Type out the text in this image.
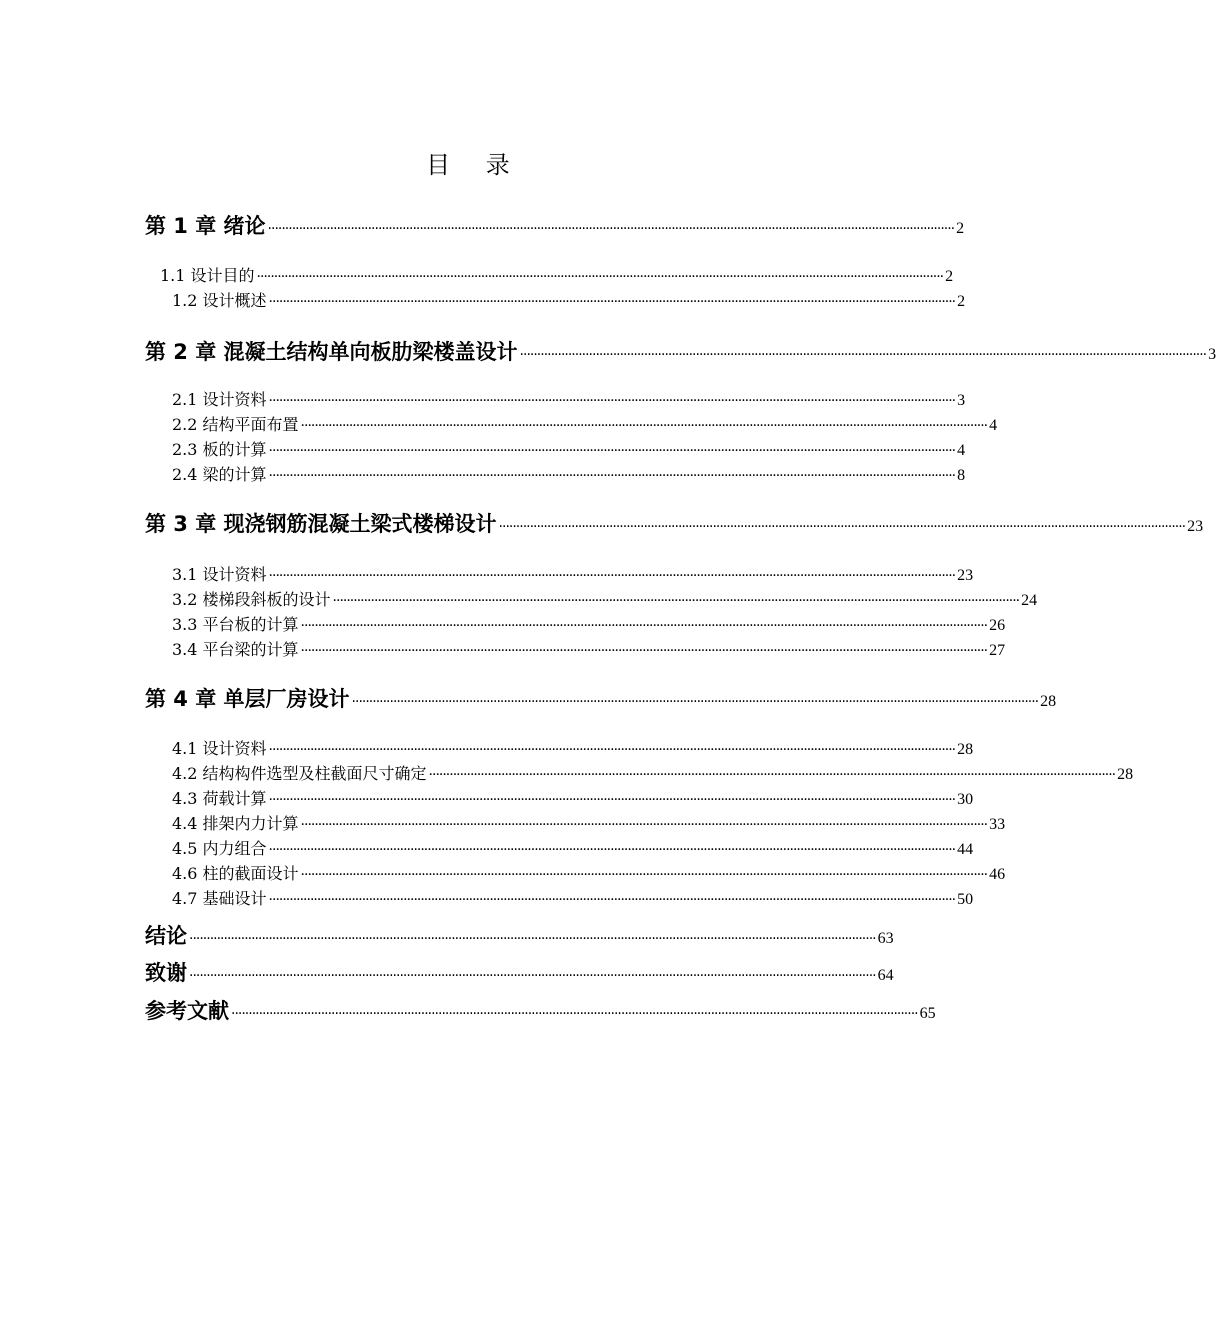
目 录
第 1 章 绪论 ······································································································································································································· 2
1.1 设计目的 ······································································································································································································· 2
1.2 设计概述 ······································································································································································································· 2
第 2 章 混凝土结构单向板肋梁楼盖设计 ······································································································································································································· 3
2.1 设计资料 ······································································································································································································· 3
2.2 结构平面布置 ······································································································································································································· 4
2.3 板的计算 ······································································································································································································· 4
2.4 梁的计算 ······································································································································································································· 8
第 3 章 现浇钢筋混凝土梁式楼梯设计 ······································································································································································································· 23
3.1 设计资料 ······································································································································································································· 23
3.2 楼梯段斜板的设计 ······································································································································································································· 24
3.3 平台板的计算 ······································································································································································································· 26
3.4 平台梁的计算 ······································································································································································································· 27
第 4 章 单层厂房设计 ······································································································································································································· 28
4.1 设计资料 ······································································································································································································· 28
4.2 结构构件选型及柱截面尺寸确定 ······································································································································································································· 28
4.3 荷载计算 ······································································································································································································· 30
4.4 排架内力计算 ······································································································································································································· 33
4.5 内力组合 ······································································································································································································· 44
4.6 柱的截面设计 ······································································································································································································· 46
4.7 基础设计 ······································································································································································································· 50
结论 ······································································································································································································· 63
致谢 ······································································································································································································· 64
参考文献 ······································································································································································································· 65
